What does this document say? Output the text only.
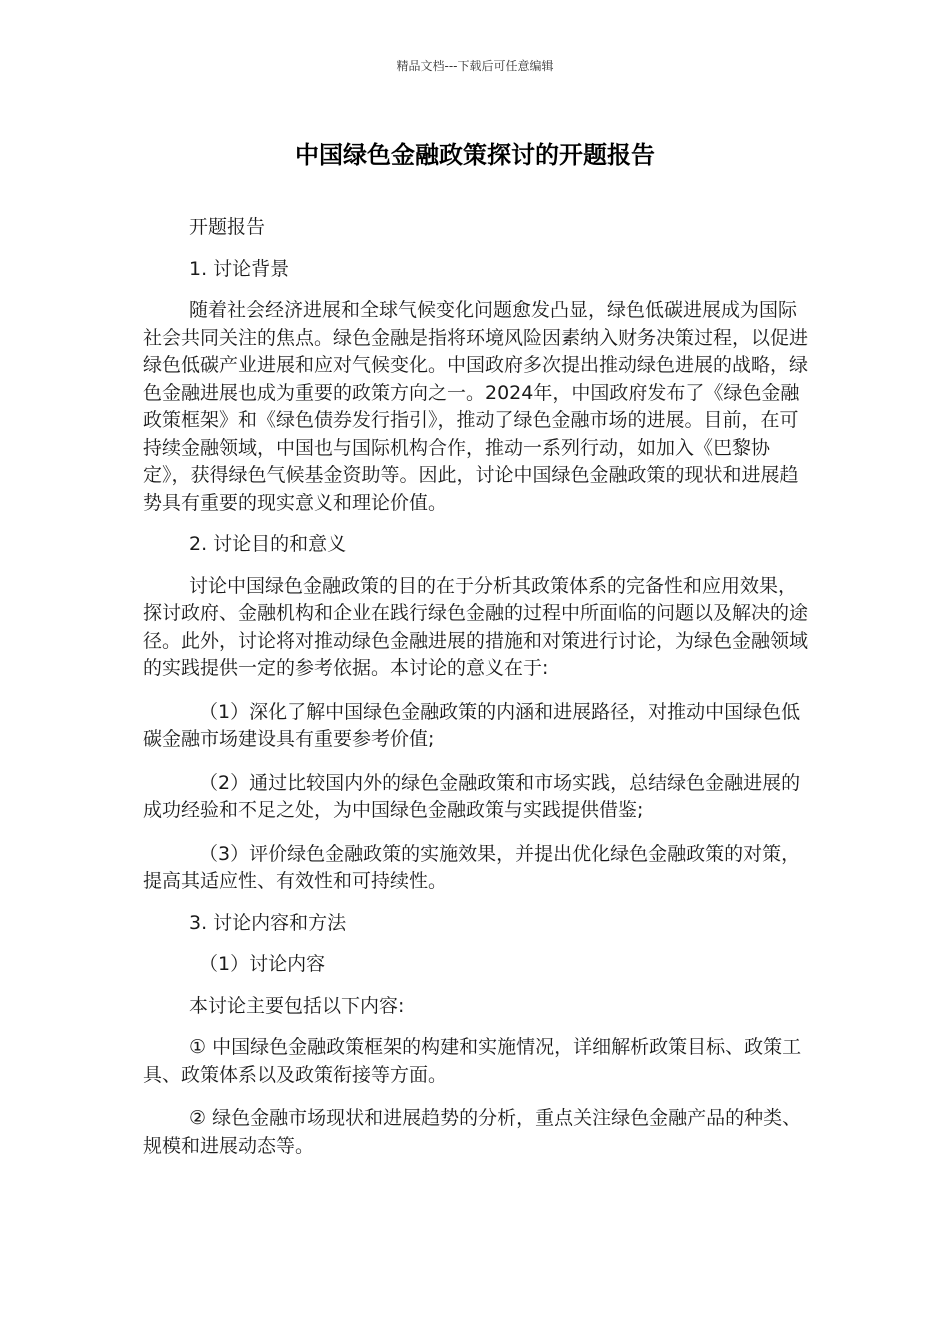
精品文档---下载后可任意编辑
中国绿色金融政策探讨的开题报告

开题报告

1. 讨论背景

随着社会经济进展和全球气候变化问题愈发凸显，绿色低碳进展成为国际社会共同关注的焦点。绿色金融是指将环境风险因素纳入财务决策过程，以促进绿色低碳产业进展和应对气候变化。中国政府多次提出推动绿色进展的战略，绿色金融进展也成为重要的政策方向之一。2024年，中国政府发布了《绿色金融政策框架》和《绿色债券发行指引》，推动了绿色金融市场的进展。目前，在可持续金融领域，中国也与国际机构合作，推动一系列行动，如加入《巴黎协定》，获得绿色气候基金资助等。因此，讨论中国绿色金融政策的现状和进展趋势具有重要的现实意义和理论价值。

2. 讨论目的和意义

讨论中国绿色金融政策的目的在于分析其政策体系的完备性和应用效果，探讨政府、金融机构和企业在践行绿色金融的过程中所面临的问题以及解决的途径。此外，讨论将对推动绿色金融进展的措施和对策进行讨论，为绿色金融领域的实践提供一定的参考依据。本讨论的意义在于:

（1）深化了解中国绿色金融政策的内涵和进展路径，对推动中国绿色低碳金融市场建设具有重要参考价值;

（2）通过比较国内外的绿色金融政策和市场实践，总结绿色金融进展的成功经验和不足之处，为中国绿色金融政策与实践提供借鉴;

（3）评价绿色金融政策的实施效果，并提出优化绿色金融政策的对策，提高其适应性、有效性和可持续性。

3. 讨论内容和方法

（1）讨论内容

本讨论主要包括以下内容:

① 中国绿色金融政策框架的构建和实施情况，详细解析政策目标、政策工具、政策体系以及政策衔接等方面。

② 绿色金融市场现状和进展趋势的分析，重点关注绿色金融产品的种类、规模和进展动态等。
